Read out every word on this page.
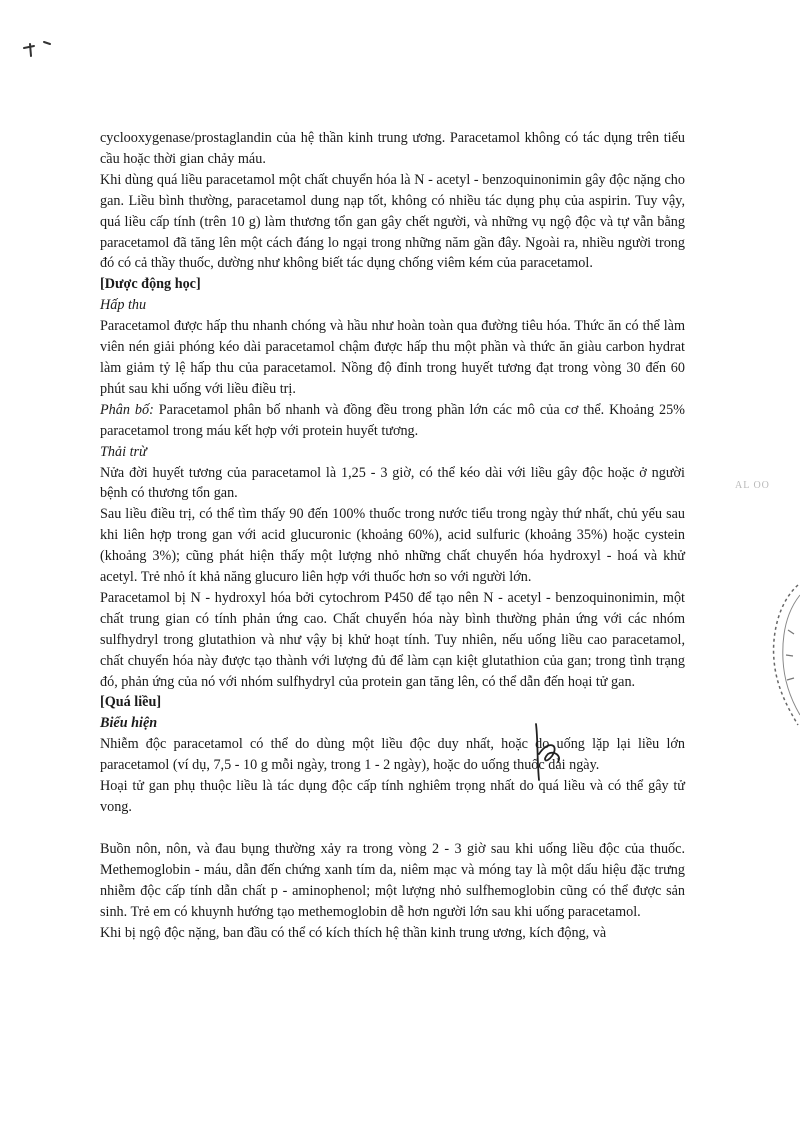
AL OO

cyclooxygenase/prostaglandin của hệ thần kinh trung ương. Paracetamol không có tác dụng trên tiểu cầu hoặc thời gian chảy máu.

Khi dùng quá liều paracetamol một chất chuyển hóa là N - acetyl - benzoquinonimin gây độc nặng cho gan. Liều bình thường, paracetamol dung nạp tốt, không có nhiều tác dụng phụ của aspirin. Tuy vậy, quá liều cấp tính (trên 10 g) làm thương tổn gan gây chết người, và những vụ ngộ độc và tự vẫn bằng paracetamol đã tăng lên một cách đáng lo ngại trong những năm gần đây. Ngoài ra, nhiều người trong đó có cả thầy thuốc, dường như không biết tác dụng chống viêm kém của paracetamol.

[Dược động học]

Hấp thu

Paracetamol được hấp thu nhanh chóng và hầu như hoàn toàn qua đường tiêu hóa. Thức ăn có thể làm viên nén giải phóng kéo dài paracetamol chậm được hấp thu một phần và thức ăn giàu carbon hydrat làm giảm tỷ lệ hấp thu của paracetamol. Nồng độ đỉnh trong huyết tương đạt trong vòng 30 đến 60 phút sau khi uống với liều điều trị.

Phân bố: Paracetamol phân bố nhanh và đồng đều trong phần lớn các mô của cơ thể. Khoảng 25% paracetamol trong máu kết hợp với protein huyết tương.

Thải trừ

Nửa đời huyết tương của paracetamol là 1,25 - 3 giờ, có thể kéo dài với liều gây độc hoặc ở người bệnh có thương tổn gan.

Sau liều điều trị, có thể tìm thấy 90 đến 100% thuốc trong nước tiểu trong ngày thứ nhất, chủ yếu sau khi liên hợp trong gan với acid glucuronic (khoảng 60%), acid sulfuric (khoảng 35%) hoặc cystein (khoảng 3%); cũng phát hiện thấy một lượng nhỏ những chất chuyển hóa hydroxyl - hoá và khử acetyl. Trẻ nhỏ ít khả năng glucuro liên hợp với thuốc hơn so với người lớn.

Paracetamol bị N - hydroxyl hóa bởi cytochrom P450 để tạo nên N - acetyl - benzoquinonimin, một chất trung gian có tính phản ứng cao. Chất chuyển hóa này bình thường phản ứng với các nhóm sulfhydryl trong glutathion và như vậy bị khử hoạt tính. Tuy nhiên, nếu uống liều cao paracetamol, chất chuyển hóa này được tạo thành với lượng đủ để làm cạn kiệt glutathion của gan; trong tình trạng đó, phản ứng của nó với nhóm sulfhydryl của protein gan tăng lên, có thể dẫn đến hoại tử gan.

[Quá liều]

Biểu hiện

Nhiễm độc paracetamol có thể do dùng một liều độc duy nhất, hoặc do uống lặp lại liều lớn paracetamol (ví dụ, 7,5 - 10 g mỗi ngày, trong 1 - 2 ngày), hoặc do uống thuốc dài ngày.

Hoại tử gan phụ thuộc liều là tác dụng độc cấp tính nghiêm trọng nhất do quá liều và có thể gây tử vong.

Buồn nôn, nôn, và đau bụng thường xảy ra trong vòng 2 - 3 giờ sau khi uống liều độc của thuốc. Methemoglobin - máu, dẫn đến chứng xanh tím da, niêm mạc và móng tay là một dấu hiệu đặc trưng nhiễm độc cấp tính dẫn chất p - aminophenol; một lượng nhỏ sulfhemoglobin cũng có thể được sản sinh. Trẻ em có khuynh hướng tạo methemoglobin dễ hơn người lớn sau khi uống paracetamol.

Khi bị ngộ độc nặng, ban đầu có thể có kích thích hệ thần kinh trung ương, kích động, và
